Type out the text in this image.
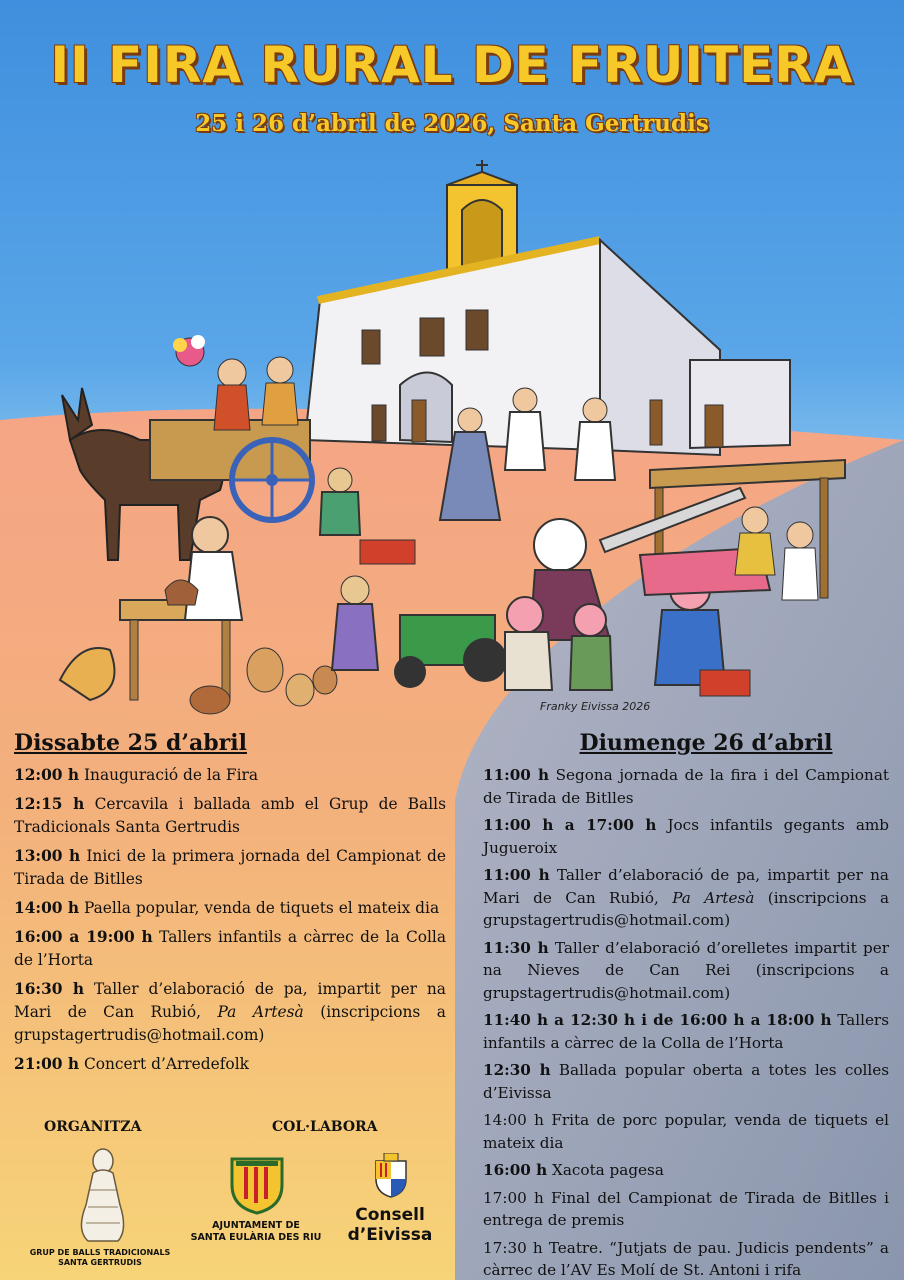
II FIRA RURAL DE FRUITERA
25 i 26 d’abril de 2026, Santa Gertrudis
Franky Eivissa 2026
Dissabte 25 d’abril
12:00 h Inauguració de la Fira
12:15 h Cercavila i ballada amb el Grup de Balls Tradicionals Santa Gertrudis
13:00 h Inici de la primera jornada del Campionat de Tirada de Bitlles
14:00 h Paella popular, venda de tiquets el mateix dia
16:00 a 19:00 h Tallers infantils a càrrec de la Colla de l’Horta
16:30 h Taller d’elaboració de pa, impartit per na Mari de Can Rubió, Pa Artesà (inscripcions a grupstagertrudis@hotmail.com)
21:00 h Concert d’Arredefolk
Diumenge 26 d’abril
11:00 h Segona jornada de la fira i del Campionat de Tirada de Bitlles
11:00 h a 17:00 h Jocs infantils gegants amb Jugueroix
11:00 h Taller d’elaboració de pa, impartit per na Mari de Can Rubió, Pa Artesà (inscripcions a grupstagertrudis@hotmail.com)
11:30 h Taller d’elaboració d’orelletes impartit per na Nieves de Can Rei (inscripcions a grupstagertrudis@hotmail.com)
11:40 h a 12:30 h i de 16:00 h a 18:00 h Tallers infantils a càrrec de la Colla de l’Horta
12:30 h Ballada popular oberta a totes les colles d’Eivissa
14:00 h Frita de porc popular, venda de tiquets el mateix dia
16:00 h Xacota pagesa
17:00 h Final del Campionat de Tirada de Bitlles i entrega de premis
17:30 h Teatre. “Jutjats de pau. Judicis pendents” a càrrec de l’AV Es Molí de St. Antoni i rifa
ORGANITZA	COL·LABORA
GRUP DE BALLS TRADICIONALS
SANTA GERTRUDIS
AJUNTAMENT DE
SANTA EULÀRIA DES RIU
Consell
d’Eivissa
